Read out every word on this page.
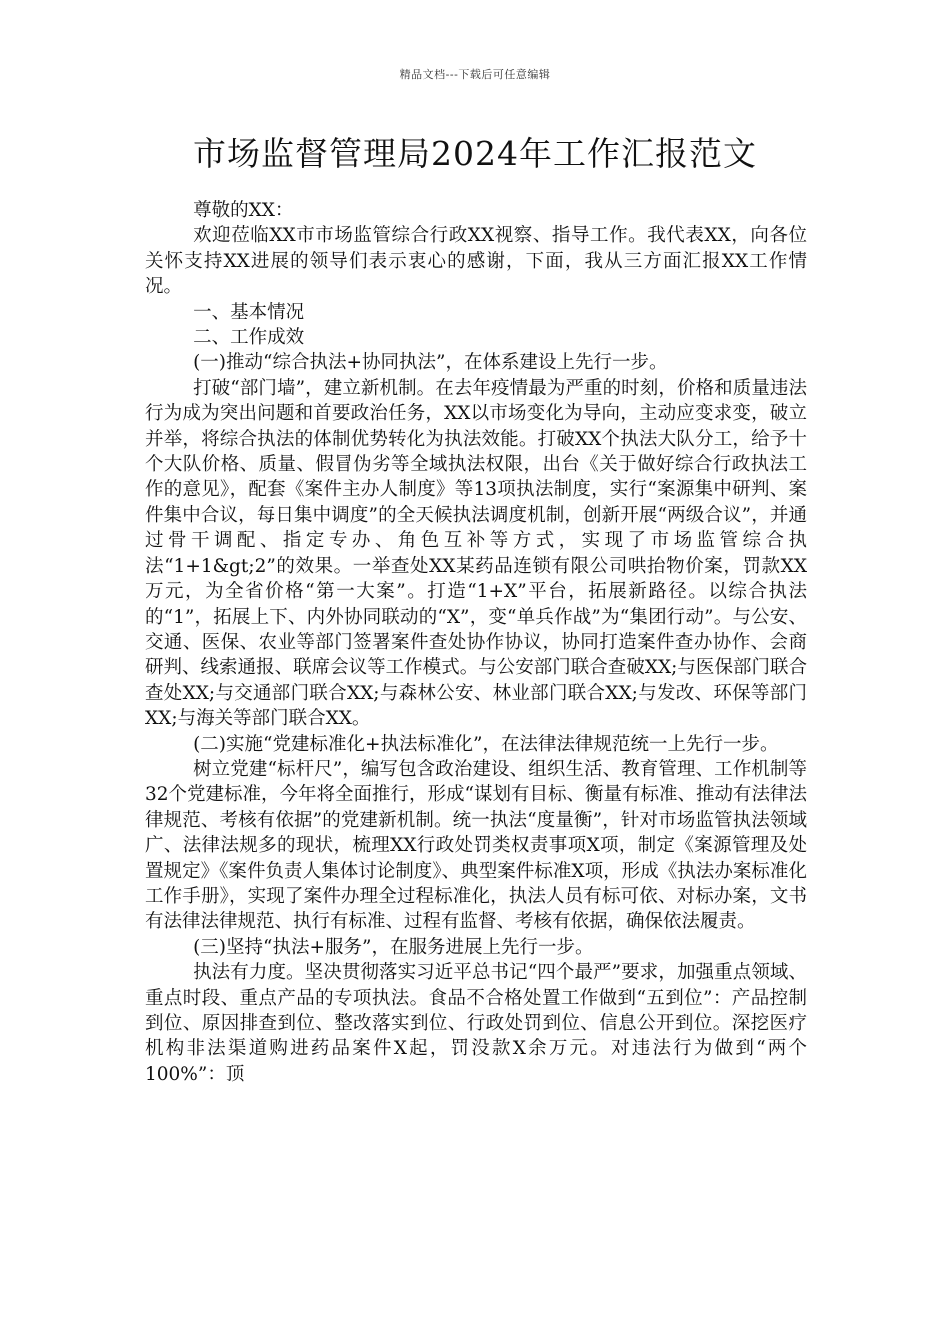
精品文档---下载后可任意编辑
市场监督管理局2024年工作汇报范文

尊敬的XX：

欢迎莅临XX市市场监管综合行政XX视察、指导工作。我代表XX，向各位关怀支持XX进展的领导们表示衷心的感谢，下面，我从三方面汇报XX工作情况。

一、基本情况

二、工作成效

(一)推动“综合执法+协同执法”，在体系建设上先行一步。

打破“部门墙”，建立新机制。在去年疫情最为严重的时刻，价格和质量违法行为成为突出问题和首要政治任务，XX以市场变化为导向，主动应变求变，破立并举，将综合执法的体制优势转化为执法效能。打破XX个执法大队分工，给予十个大队价格、质量、假冒伪劣等全域执法权限，出台《关于做好综合行政执法工作的意见》，配套《案件主办人制度》等13项执法制度，实行“案源集中研判、案件集中合议，每日集中调度”的全天候执法调度机制，创新开展“两级合议”，并通过骨干调配、指定专办、角色互补等方式，实现了市场监管综合执法“1+1&gt;2”的效果。一举查处XX某药品连锁有限公司哄抬物价案，罚款XX万元，为全省价格“第一大案”。打造“1+X”平台，拓展新路径。以综合执法的“1”，拓展上下、内外协同联动的“X”，变“单兵作战”为“集团行动”。与公安、交通、医保、农业等部门签署案件查处协作协议，协同打造案件查办协作、会商研判、线索通报、联席会议等工作模式。与公安部门联合查破XX;与医保部门联合查处XX;与交通部门联合XX;与森林公安、林业部门联合XX;与发改、环保等部门XX;与海关等部门联合XX。

(二)实施“党建标准化+执法标准化”，在法律法律规范统一上先行一步。

树立党建“标杆尺”，编写包含政治建设、组织生活、教育管理、工作机制等32个党建标准，今年将全面推行，形成“谋划有目标、衡量有标准、推动有法律法律规范、考核有依据”的党建新机制。统一执法“度量衡”，针对市场监管执法领域广、法律法规多的现状，梳理XX行政处罚类权责事项X项，制定《案源管理及处置规定》《案件负责人集体讨论制度》、典型案件标准X项，形成《执法办案标准化工作手册》，实现了案件办理全过程标准化，执法人员有标可依、对标办案，文书有法律法律规范、执行有标准、过程有监督、考核有依据，确保依法履责。

(三)坚持“执法+服务”，在服务进展上先行一步。

执法有力度。坚决贯彻落实习近平总书记“四个最严”要求，加强重点领域、重点时段、重点产品的专项执法。食品不合格处置工作做到“五到位”：产品控制到位、原因排查到位、整改落实到位、行政处罚到位、信息公开到位。深挖医疗机构非法渠道购进药品案件X起，罚没款X余万元。对违法行为做到“两个100%”：顶
